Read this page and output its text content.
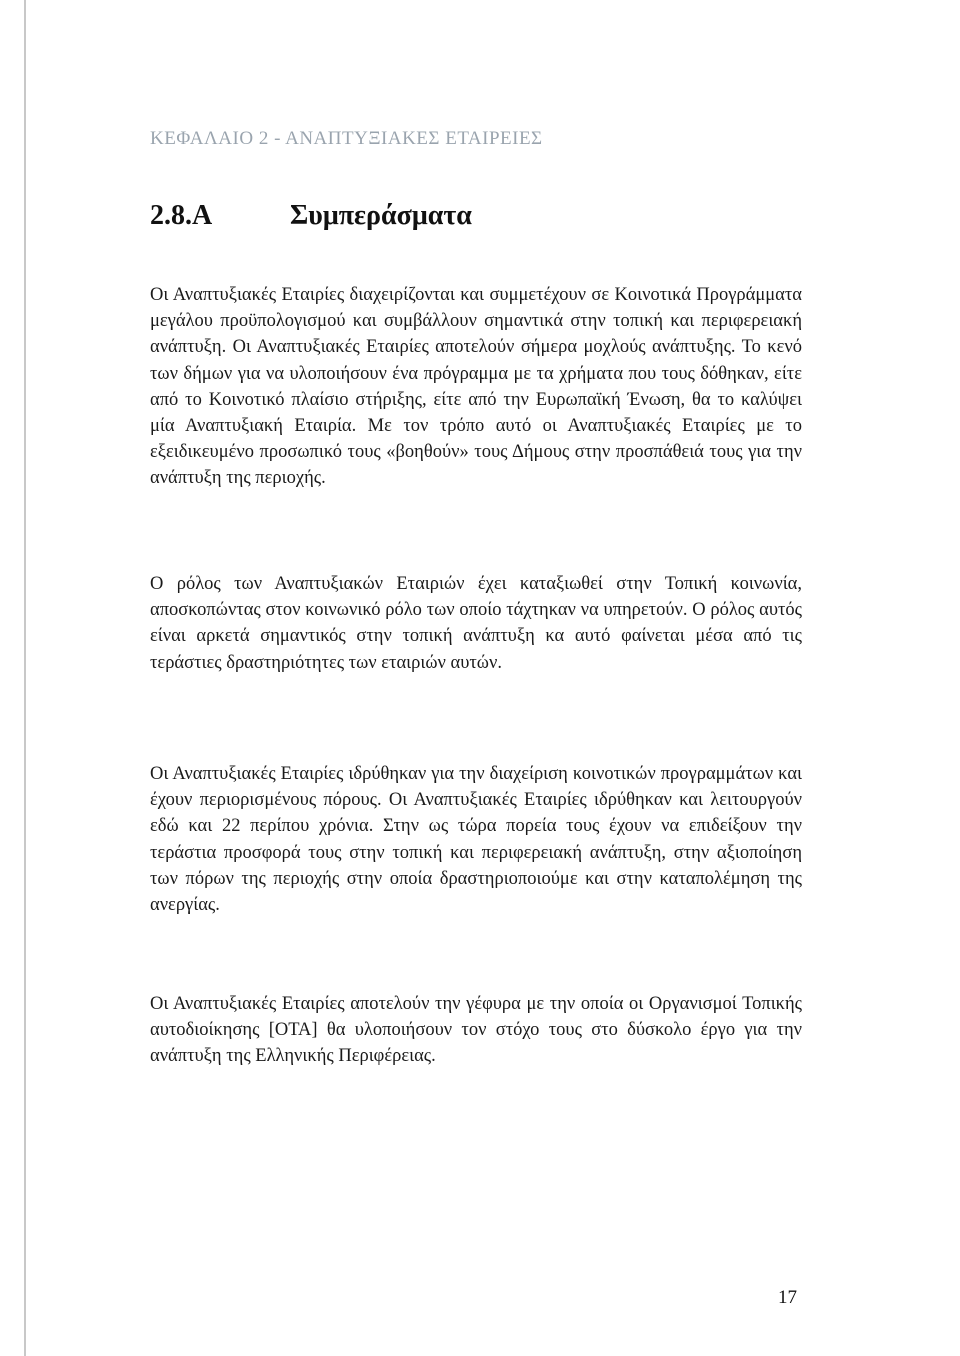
ΚΕΦΑΛΑΙΟ 2 - ΑΝΑΠΤΥΞΙΑΚΕΣ ΕΤΑΙΡΕΙΕΣ
2.8.Α	Συμπεράσματα

Οι Αναπτυξιακές Εταιρίες διαχειρίζονται και συμμετέχουν σε Κοινοτικά Προγράμματα μεγάλου προϋπολογισμού και συμβάλλουν σημαντικά στην τοπική και περιφερειακή ανάπτυξη. Οι Αναπτυξιακές Εταιρίες αποτελούν σήμερα μοχλούς ανάπτυξης. Το κενό των δήμων για να υλοποιήσουν ένα πρόγραμμα με τα χρήματα που τους δόθηκαν, είτε από το Κοινοτικό πλαίσιο στήριξης, είτε από την Ευρωπαϊκή Ένωση, θα το καλύψει μία Αναπτυξιακή Εταιρία. Με τον τρόπο αυτό οι Αναπτυξιακές Εταιρίες με το εξειδικευμένο προσωπικό τους «βοηθούν» τους Δήμους στην προσπάθειά τους για την ανάπτυξη της περιοχής.

Ο ρόλος των Αναπτυξιακών Εταιριών έχει καταξιωθεί στην Τοπική κοινωνία, αποσκοπώντας στον κοινωνικό ρόλο των οποίο τάχτηκαν να υπηρετούν. Ο ρόλος αυτός είναι αρκετά σημαντικός στην τοπική ανάπτυξη κα αυτό φαίνεται μέσα από τις τεράστιες δραστηριότητες των εταιριών αυτών.

Οι Αναπτυξιακές Εταιρίες ιδρύθηκαν για την διαχείριση κοινοτικών προγραμμάτων και έχουν περιορισμένους πόρους. Οι Αναπτυξιακές Εταιρίες ιδρύθηκαν και λειτουργούν εδώ και 22 περίπου χρόνια. Στην ως τώρα πορεία τους έχουν να επιδείξουν την τεράστια προσφορά τους στην τοπική και περιφερειακή ανάπτυξη, στην αξιοποίηση των πόρων της περιοχής στην οποία δραστηριοποιούμε και στην καταπολέμηση της ανεργίας.

Οι Αναπτυξιακές Εταιρίες αποτελούν την γέφυρα με την οποία οι Οργανισμοί Τοπικής αυτοδιοίκησης [ΟΤΑ] θα υλοποιήσουν τον στόχο τους στο δύσκολο έργο για την ανάπτυξη της Ελληνικής Περιφέρειας.

17
